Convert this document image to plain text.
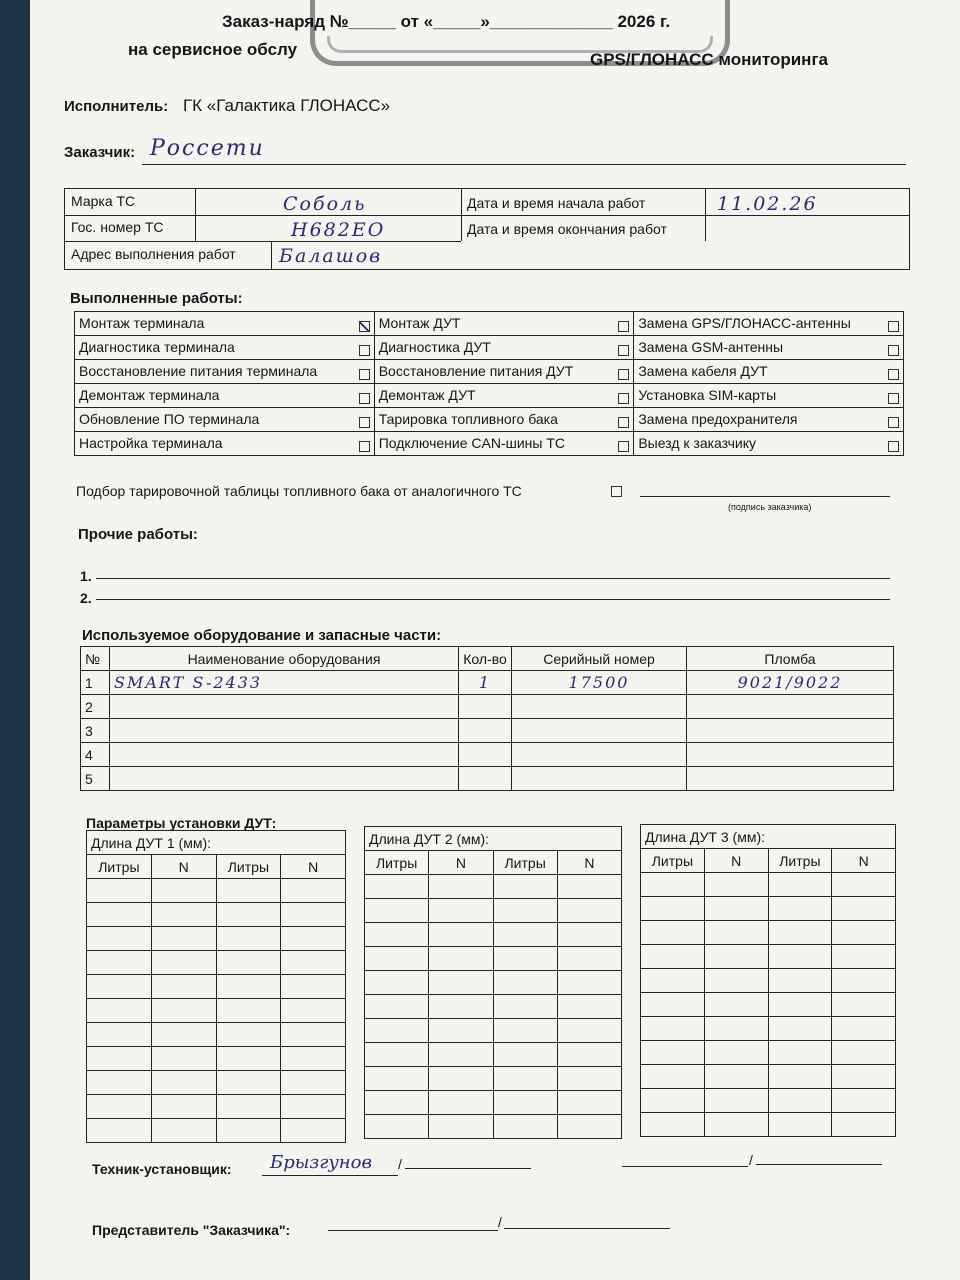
Заказ-наряд №_____ от «_____»_____________ 2026 г.
на сервисное обслу
GPS/ГЛОНАСС мониторинга
Исполнитель: ГК «Галактика ГЛОНАСС»
Заказчик: Россети
Марка ТС	Соболь
Гос. номер ТС	Н682ЕО
Адрес выполнения работ Балашов
Дата и время начала работ	11.02.26
Дата и время окончания работ
Выполненные работы:
Монтаж терминала	Монтаж ДУТ	Замена GPS/ГЛОНАСС-антенны

Диагностика терминала	Диагностика ДУТ	Замена GSM-антенны

Восстановление питания терминала	Восстановление питания ДУТ	Замена кабеля ДУТ

Демонтаж терминала	Демонтаж ДУТ	Установка SIM-карты

Обновление ПО терминала	Тарировка топливного бака	Замена предохранителя

Настройка терминала	Подключение CAN-шины ТС	Выезд к заказчику
Подбор тарировочной таблицы топливного бака от аналогичного ТС
(подпись заказчика)
Прочие работы:
1.
2.
Используемое оборудование и запасные части:
№	Наименование оборудования	Кол-во	Серийный номер	Пломба
1	SMART S-2433	1	17500	9021/9022
2				
3				
4				
5				
Параметры установки ДУТ:
Длина ДУТ 1 (мм):			
Литры	N	Литры	N

Длина ДУТ 2 (мм):			
Литры	N	Литры	N

Длина ДУТ 3 (мм):			
Литры	N	Литры	N

Техник-установщик: Брызгунов /	/
Представитель "Заказчика":	/
